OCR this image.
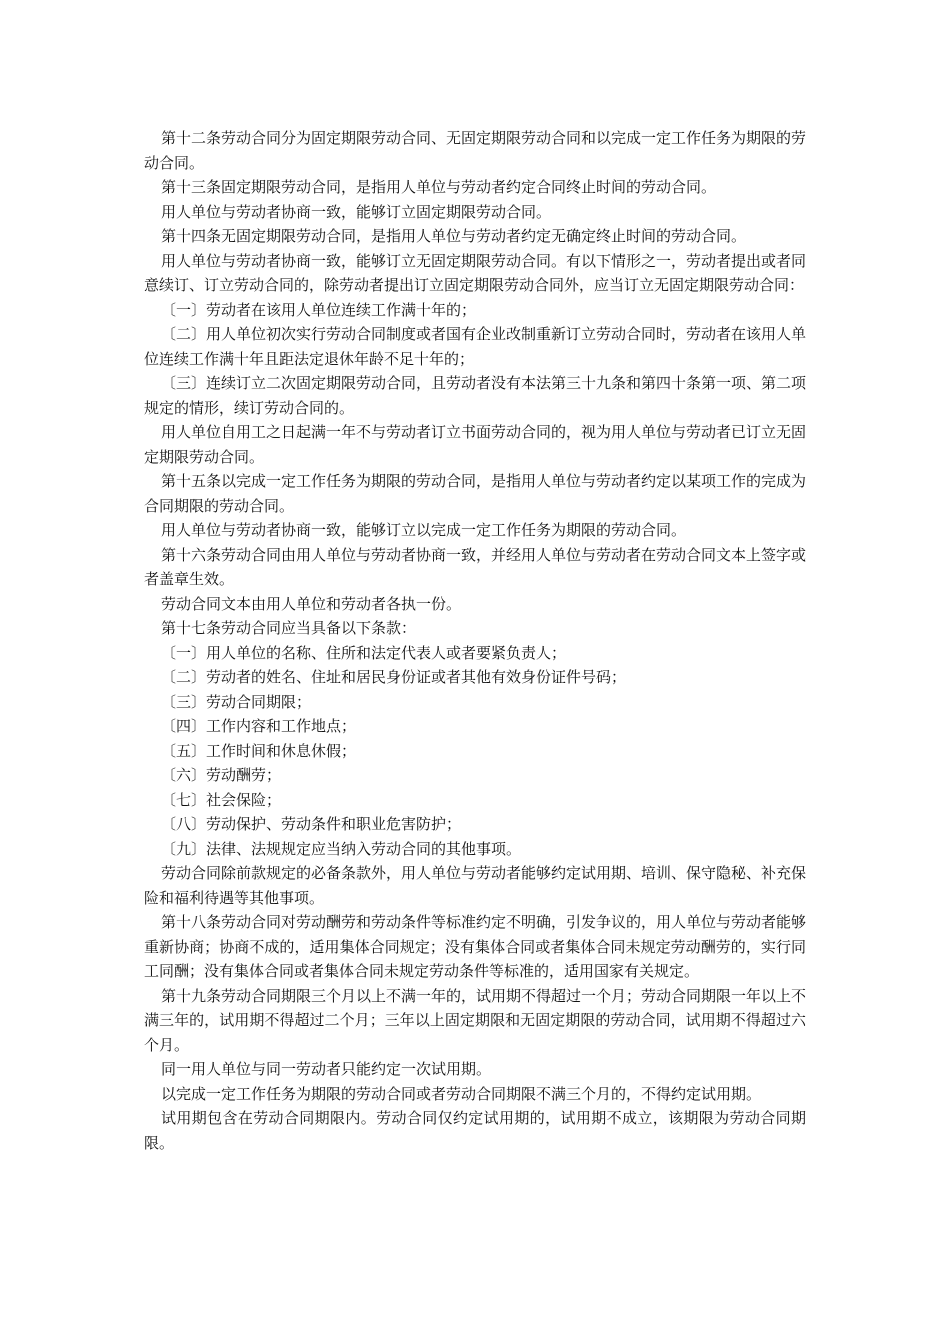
第十二条劳动合同分为固定期限劳动合同、无固定期限劳动合同和以完成一定工作任务为期限的劳动合同。

第十三条固定期限劳动合同，是指用人单位与劳动者约定合同终止时间的劳动合同。

用人单位与劳动者协商一致，能够订立固定期限劳动合同。

第十四条无固定期限劳动合同，是指用人单位与劳动者约定无确定终止时间的劳动合同。

用人单位与劳动者协商一致，能够订立无固定期限劳动合同。有以下情形之一，劳动者提出或者同意续订、订立劳动合同的，除劳动者提出订立固定期限劳动合同外，应当订立无固定期限劳动合同：

〔一〕劳动者在该用人单位连续工作满十年的；

〔二〕用人单位初次实行劳动合同制度或者国有企业改制重新订立劳动合同时，劳动者在该用人单位连续工作满十年且距法定退休年龄不足十年的；

〔三〕连续订立二次固定期限劳动合同，且劳动者没有本法第三十九条和第四十条第一项、第二项规定的情形，续订劳动合同的。

用人单位自用工之日起满一年不与劳动者订立书面劳动合同的，视为用人单位与劳动者已订立无固定期限劳动合同。

第十五条以完成一定工作任务为期限的劳动合同，是指用人单位与劳动者约定以某项工作的完成为合同期限的劳动合同。

用人单位与劳动者协商一致，能够订立以完成一定工作任务为期限的劳动合同。

第十六条劳动合同由用人单位与劳动者协商一致，并经用人单位与劳动者在劳动合同文本上签字或者盖章生效。

劳动合同文本由用人单位和劳动者各执一份。

第十七条劳动合同应当具备以下条款：

〔一〕用人单位的名称、住所和法定代表人或者要紧负责人；

〔二〕劳动者的姓名、住址和居民身份证或者其他有效身份证件号码；

〔三〕劳动合同期限；

〔四〕工作内容和工作地点；

〔五〕工作时间和休息休假；

〔六〕劳动酬劳；

〔七〕社会保险；

〔八〕劳动保护、劳动条件和职业危害防护；

〔九〕法律、法规规定应当纳入劳动合同的其他事项。

劳动合同除前款规定的必备条款外，用人单位与劳动者能够约定试用期、培训、保守隐秘、补充保险和福利待遇等其他事项。

第十八条劳动合同对劳动酬劳和劳动条件等标准约定不明确，引发争议的，用人单位与劳动者能够重新协商；协商不成的，适用集体合同规定；没有集体合同或者集体合同未规定劳动酬劳的，实行同工同酬；没有集体合同或者集体合同未规定劳动条件等标准的，适用国家有关规定。

第十九条劳动合同期限三个月以上不满一年的，试用期不得超过一个月；劳动合同期限一年以上不满三年的，试用期不得超过二个月；三年以上固定期限和无固定期限的劳动合同，试用期不得超过六个月。

同一用人单位与同一劳动者只能约定一次试用期。

以完成一定工作任务为期限的劳动合同或者劳动合同期限不满三个月的，不得约定试用期。

试用期包含在劳动合同期限内。劳动合同仅约定试用期的，试用期不成立，该期限为劳动合同期限。
